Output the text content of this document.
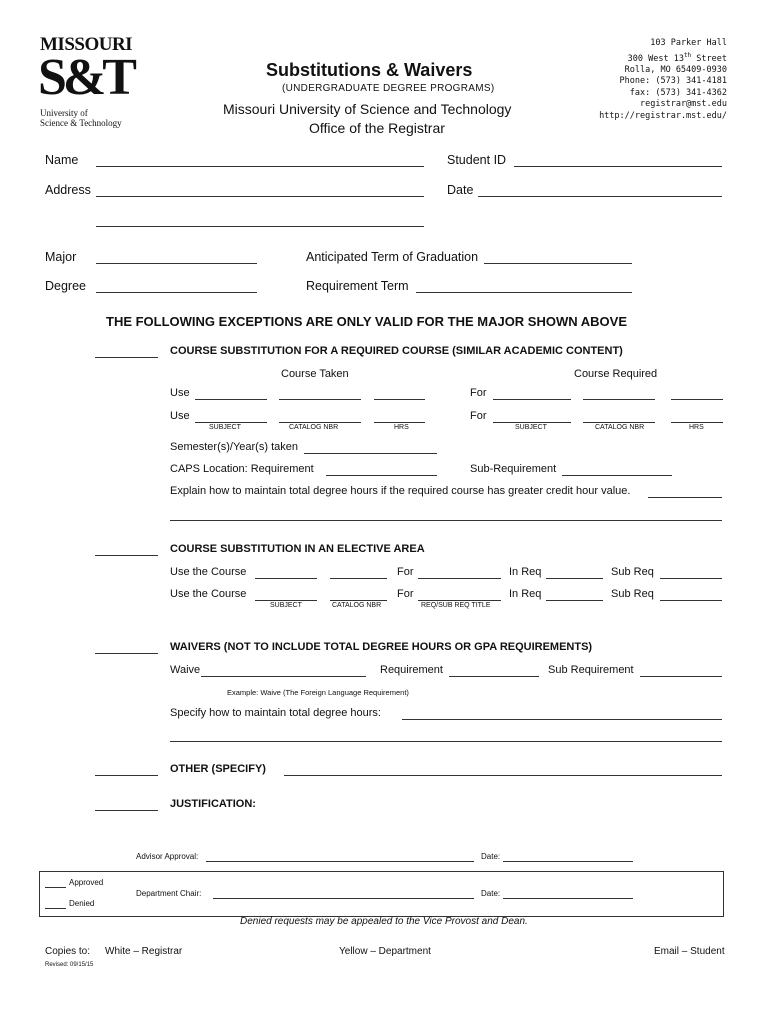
MISSOURI
S&T
University of
Science & Technology
Substitutions & Waivers
(UNDERGRADUATE DEGREE PROGRAMS)
Missouri University of Science and Technology
Office of the Registrar
103 Parker Hall
300 West 13th Street
Rolla, MO 65409-0930
Phone: (573) 341-4181
fax: (573) 341-4362
registrar@mst.edu
http://registrar.mst.edu/
Name	Student ID
Address	Date
Major	Anticipated Term of Graduation
Degree	Requirement Term
THE FOLLOWING EXCEPTIONS ARE ONLY VALID FOR THE MAJOR SHOWN ABOVE
COURSE SUBSTITUTION FOR A REQUIRED COURSE (SIMILAR ACADEMIC CONTENT)
Course Taken	Course Required
Use	For
Use	For
SUBJECT	CATALOG NBR	HRS	SUBJECT	CATALOG NBR	HRS
Semester(s)/Year(s) taken
CAPS Location: Requirement	Sub-Requirement
Explain how to maintain total degree hours if the required course has greater credit hour value.
COURSE SUBSTITUTION IN AN ELECTIVE AREA
Use the Course	For	In Req	Sub Req
Use the Course	For	In Req	Sub Req
SUBJECT	CATALOG NBR	REQ/SUB REQ TITLE
WAIVERS (NOT TO INCLUDE TOTAL DEGREE HOURS OR GPA REQUIREMENTS)
Waive	Requirement	Sub Requirement
Example: Waive (The Foreign Language Requirement)
Specify how to maintain total degree hours:
OTHER (SPECIFY)
JUSTIFICATION:
Advisor Approval:	Date:
Approved
Denied
Department Chair:	Date:
Denied requests may be appealed to the Vice Provost and Dean.
Copies to: White – Registrar	Yellow – Department	Email – Student
Revised: 09/15/15
